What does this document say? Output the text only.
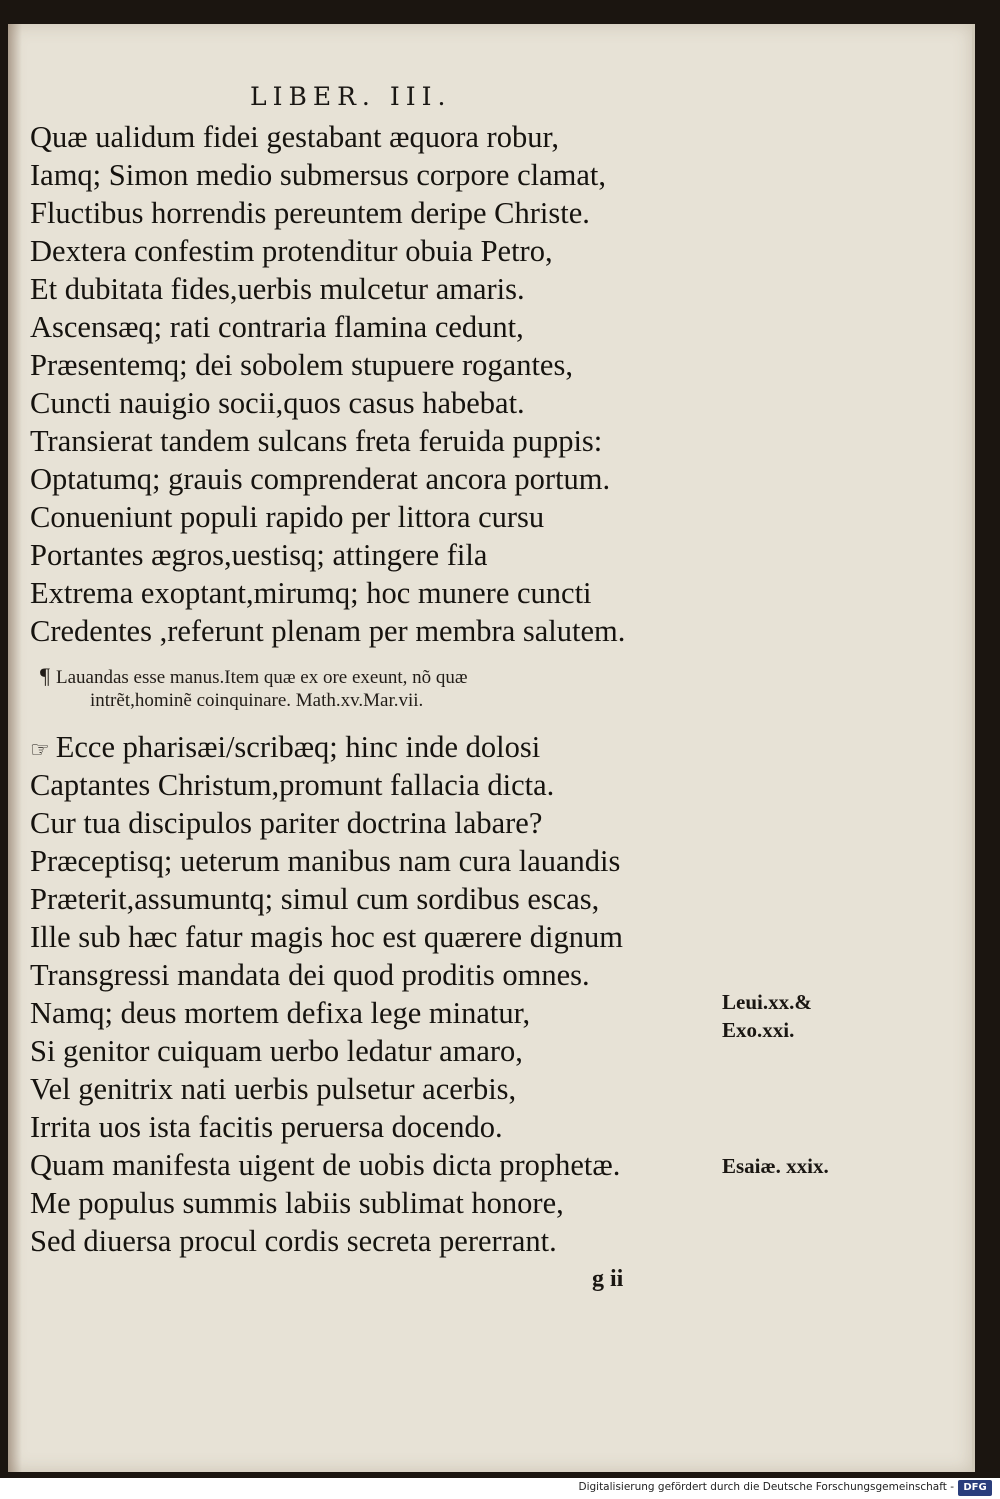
LIBER. III.
Quæ ualidum fidei gestabant æquora robur,
Iamq; Simon medio submersus corpore clamat,
Fluctibus horrendis pereuntem deripe Christe.
Dextera confestim protenditur obuia Petro,
Et dubitata fides,uerbis mulcetur amaris.
Ascensæq; rati contraria flamina cedunt,
Præsentemq; dei sobolem stupuere rogantes,
Cuncti nauigio socii,quos casus habebat.
Transierat tandem sulcans freta feruida puppis:
Optatumq; grauis comprenderat ancora portum.
Conueniunt populi rapido per littora cursu
Portantes ægros,uestisq; attingere fila
Extrema exoptant,mirumq; hoc munere cuncti
Credentes ,referunt plenam per membra salutem.
¶ Lauandas esse manus.Item quæ ex ore exeunt, nõ quæ
intrẽt,hominẽ coinquinare. Math.xv.Mar.vii.
☞ Ecce pharisæi/scribæq; hinc inde dolosi
Captantes Christum,promunt fallacia dicta.
Cur tua discipulos pariter doctrina labare?
Præceptisq; ueterum manibus nam cura lauandis
Præterit,assumuntq; simul cum sordibus escas,
Ille sub hæc fatur magis hoc est quærere dignum
Transgressi mandata dei quod proditis omnes.
Namq; deus mortem defixa lege minatur,
Si genitor cuiquam uerbo ledatur amaro,
Vel genitrix nati uerbis pulsetur acerbis,
Irrita uos ista facitis peruersa docendo.
Quam manifesta uigent de uobis dicta prophetæ.
Me populus summis labiis sublimat honore,
Sed diuersa procul cordis secreta pererrant.
Leui.xx.&
Exo.xxi.
Esaiæ. xxix.
g ii
Digitalisierung gefördert durch die Deutsche Forschungsgemeinschaft - DFG
